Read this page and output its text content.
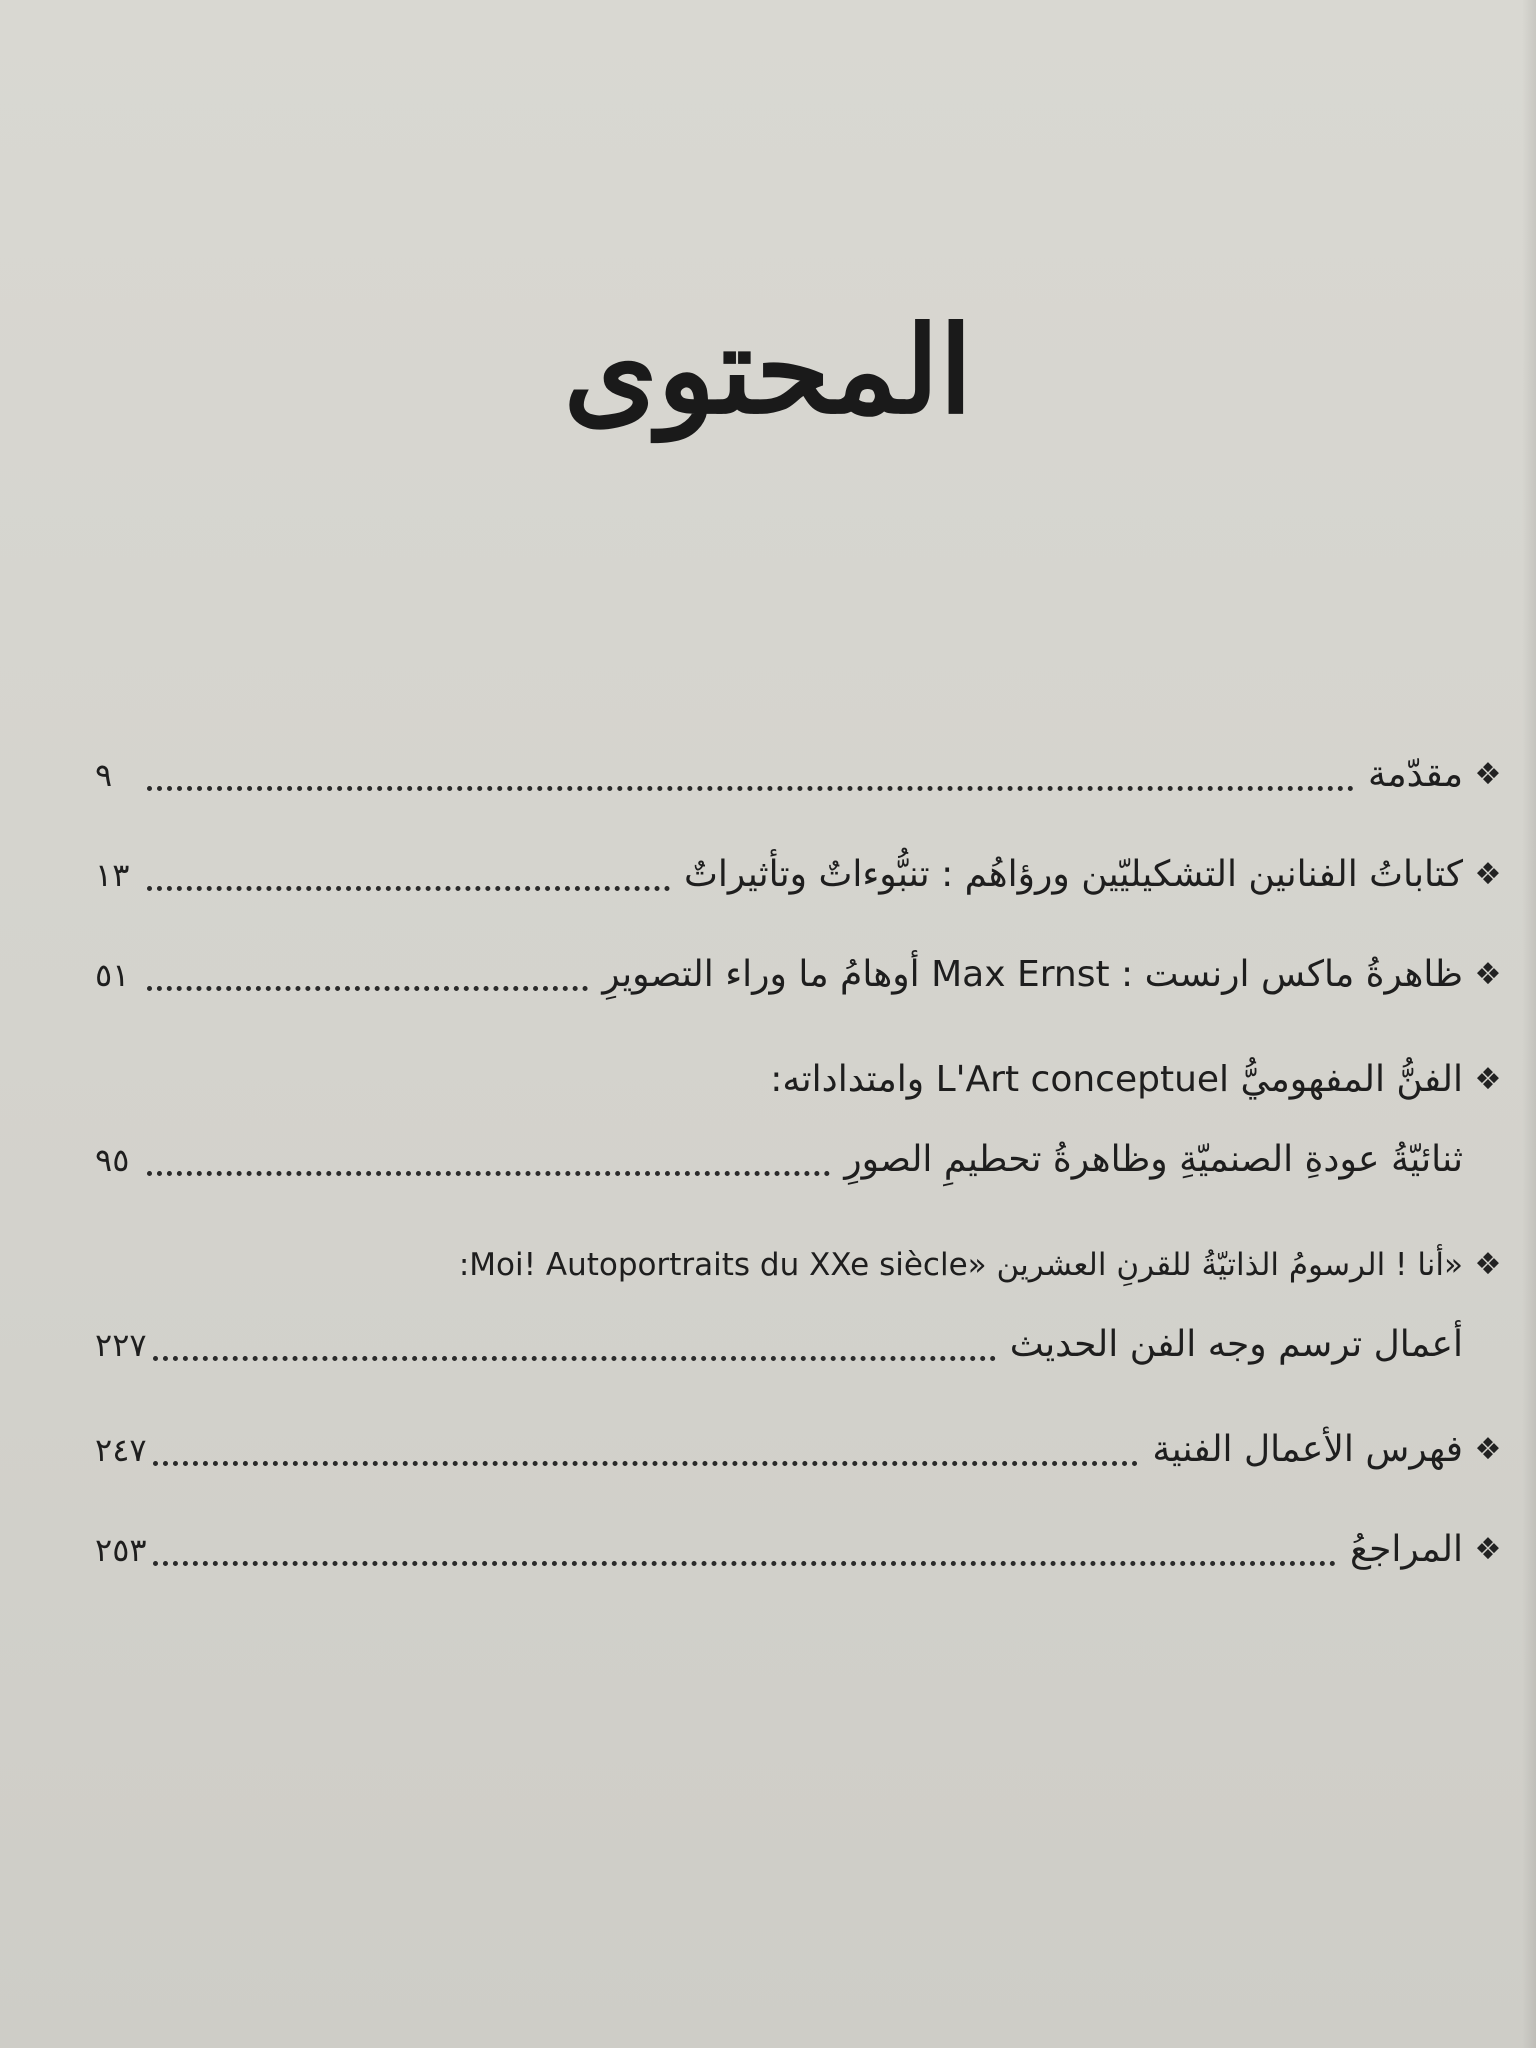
المحتوى
❖
مقدّمة
٩
❖
كتاباتُ الفنانين التشكيليّين ورؤاهُم : تنبُّوءاتٌ وتأثيراتٌ
١٣
❖
ظاهرةُ ماكس ارنست : Max Ernst أوهامُ ما وراء التصويرِ
٥١
❖
الفنُّ المفهوميُّ L'Art conceptuel وامتداداته:
ثنائيّةُ عودةِ الصنميّةِ وظاهرةُ تحطيمِ الصورِ
٩٥
❖
«أنا ! الرسومُ الذاتيّةُ للقرنِ العشرين «Moi! Autoportraits du XXe siècle:
أعمال ترسم وجه الفن الحديث
٢٢٧
❖
فهرس الأعمال الفنية
٢٤٧
❖
المراجعُ
٢٥٣
